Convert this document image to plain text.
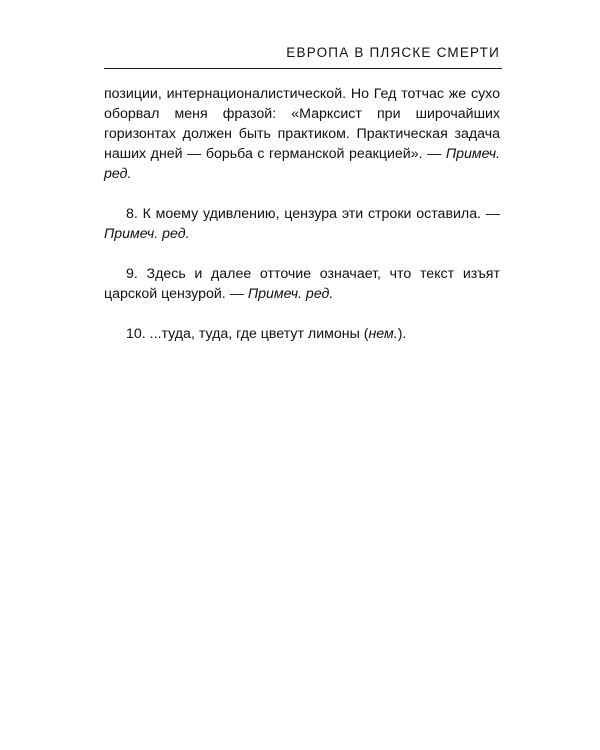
ЕВРОПА В ПЛЯСКЕ СМЕРТИ

позиции, интернационалистической. Но Гед тотчас же сухо оборвал меня фразой: «Марксист при широчайших горизонтах должен быть практиком. Практическая задача наших дней — борьба с германской реакцией». — Примеч. ред.

8. К моему удивлению, цензура эти строки оставила. — Примеч. ред.

9. Здесь и далее отточие означает, что текст изъят царской цензурой. — Примеч. ред.

10. ...туда, туда, где цветут лимоны (нем.).
